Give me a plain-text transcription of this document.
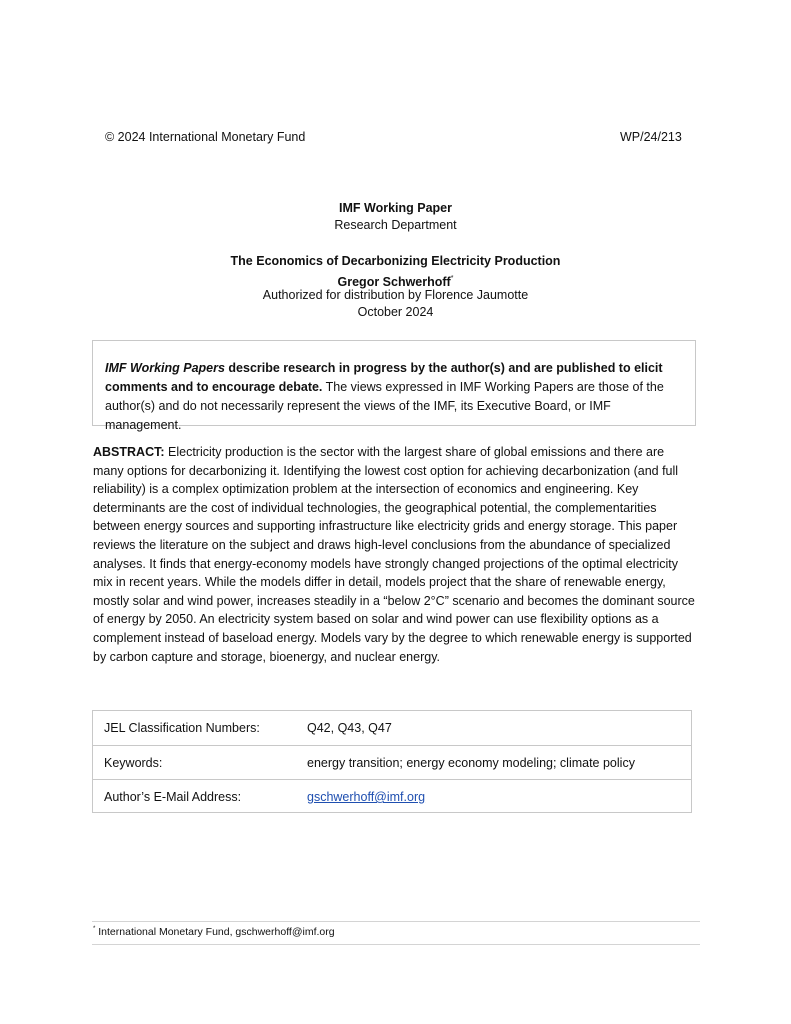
© 2024 International Monetary Fund	WP/24/213
IMF Working Paper
Research Department
The Economics of Decarbonizing Electricity Production
Gregor Schwerhoff*
Authorized for distribution by Florence Jaumotte
October 2024
IMF Working Papers describe research in progress by the author(s) and are published to elicit comments and to encourage debate. The views expressed in IMF Working Papers are those of the author(s) and do not necessarily represent the views of the IMF, its Executive Board, or IMF management.
ABSTRACT: Electricity production is the sector with the largest share of global emissions and there are many options for decarbonizing it. Identifying the lowest cost option for achieving decarbonization (and full reliability) is a complex optimization problem at the intersection of economics and engineering. Key determinants are the cost of individual technologies, the geographical potential, the complementarities between energy sources and supporting infrastructure like electricity grids and energy storage. This paper reviews the literature on the subject and draws high-level conclusions from the abundance of specialized analyses. It finds that energy-economy models have strongly changed projections of the optimal electricity mix in recent years. While the models differ in detail, models project that the share of renewable energy, mostly solar and wind power, increases steadily in a “below 2°C” scenario and becomes the dominant source of energy by 2050. An electricity system based on solar and wind power can use flexibility options as a complement instead of baseload energy. Models vary by the degree to which renewable energy is supported by carbon capture and storage, bioenergy, and nuclear energy.
JEL Classification Numbers:	Q42, Q43, Q47
Keywords:	energy transition; energy economy modeling; climate policy
Author’s E-Mail Address:	gschwerhoff@imf.org
* International Monetary Fund, gschwerhoff@imf.org
